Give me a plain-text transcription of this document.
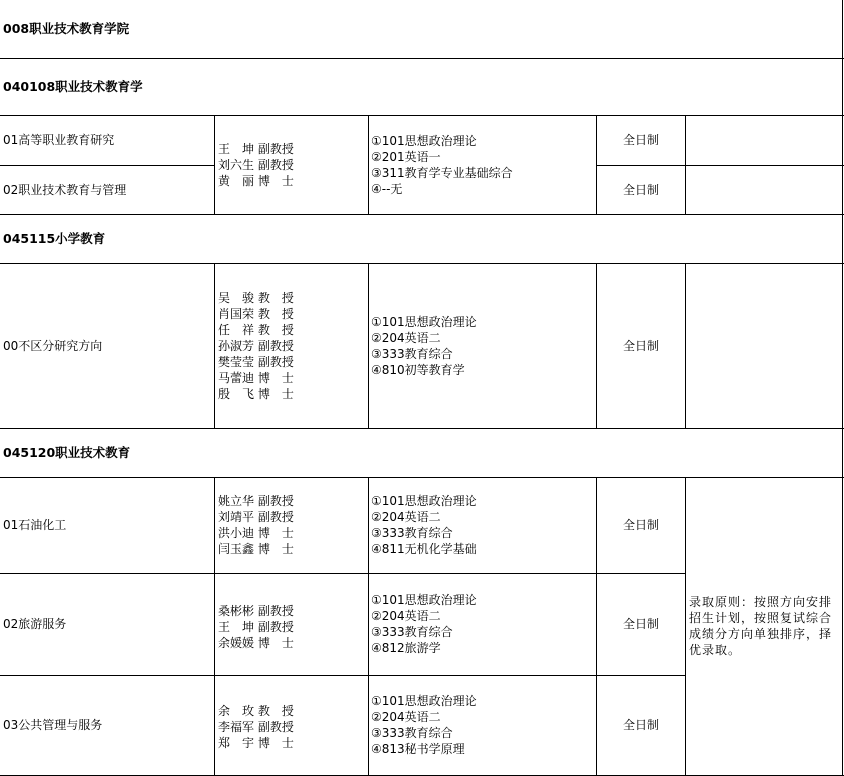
008职业技术教育学院
040108职业技术教育学
01高等职业教育研究
02职业技术教育与管理
王　坤 副教授
刘六生 副教授
黄　丽 博　士
①101思想政治理论
②201英语一
③311教育学专业基础综合
④--无
全日制
全日制
045115小学教育
00不区分研究方向
吴　骏 教　授
肖国荣 教　授
任　祥 教　授
孙淑芳 副教授
樊莹莹 副教授
马蕾迪 博　士
殷　飞 博　士
①101思想政治理论
②204英语二
③333教育综合
④810初等教育学
全日制
045120职业技术教育
01石油化工
姚立华 副教授
刘靖平 副教授
洪小迪 博　士
闫玉鑫 博　士
①101思想政治理论
②204英语二
③333教育综合
④811无机化学基础
全日制
02旅游服务
桑彬彬 副教授
王　坤 副教授
余媛媛 博　士
①101思想政治理论
②204英语二
③333教育综合
④812旅游学
全日制
03公共管理与服务
余　玫 教　授
李福军 副教授
郑　宇 博　士
①101思想政治理论
②204英语二
③333教育综合
④813秘书学原理
全日制
录取原则：按照方向安排招生计划，按照复试综合成绩分方向单独排序，择优录取。
